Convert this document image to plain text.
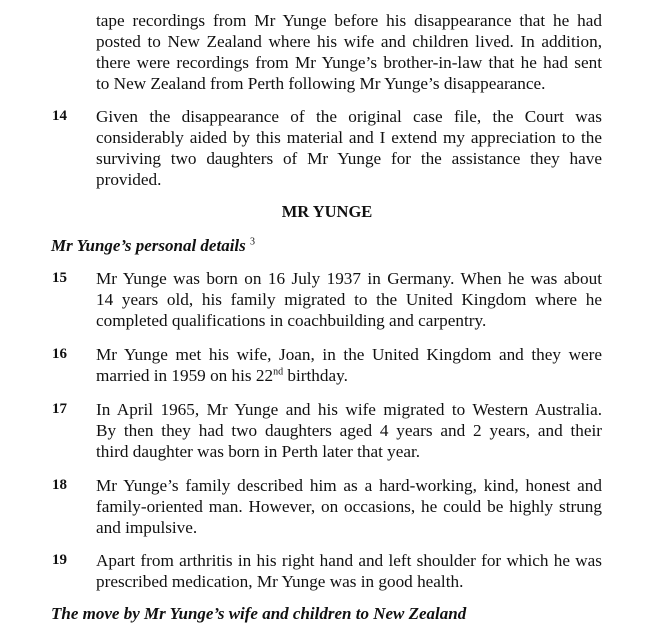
tape recordings from Mr Yunge before his disappearance that he had
posted to New Zealand where his wife and children lived. In addition,
there were recordings from Mr Yunge’s brother-in-law that he had sent
to New Zealand from Perth following Mr Yunge’s disappearance.
14 Given the disappearance of the original case file, the Court was
considerably aided by this material and I extend my appreciation to the
surviving two daughters of Mr Yunge for the assistance they have
provided.
MR YUNGE
Mr Yunge’s personal details $^3$
15 Mr Yunge was born on 16 July 1937 in Germany. When he was about
14 years old, his family migrated to the United Kingdom where he
completed qualifications in coachbuilding and carpentry.
16 Mr Yunge met his wife, Joan, in the United Kingdom and they were
married in 1959 on his 22nd birthday.
17 In April 1965, Mr Yunge and his wife migrated to Western Australia.
By then they had two daughters aged 4 years and 2 years, and their
third daughter was born in Perth later that year.
18 Mr Yunge’s family described him as a hard-working, kind, honest and
family-oriented man. However, on occasions, he could be highly strung
and impulsive.
19 Apart from arthritis in his right hand and left shoulder for which he was
prescribed medication, Mr Yunge was in good health.
The move by Mr Yunge’s wife and children to New Zealand
